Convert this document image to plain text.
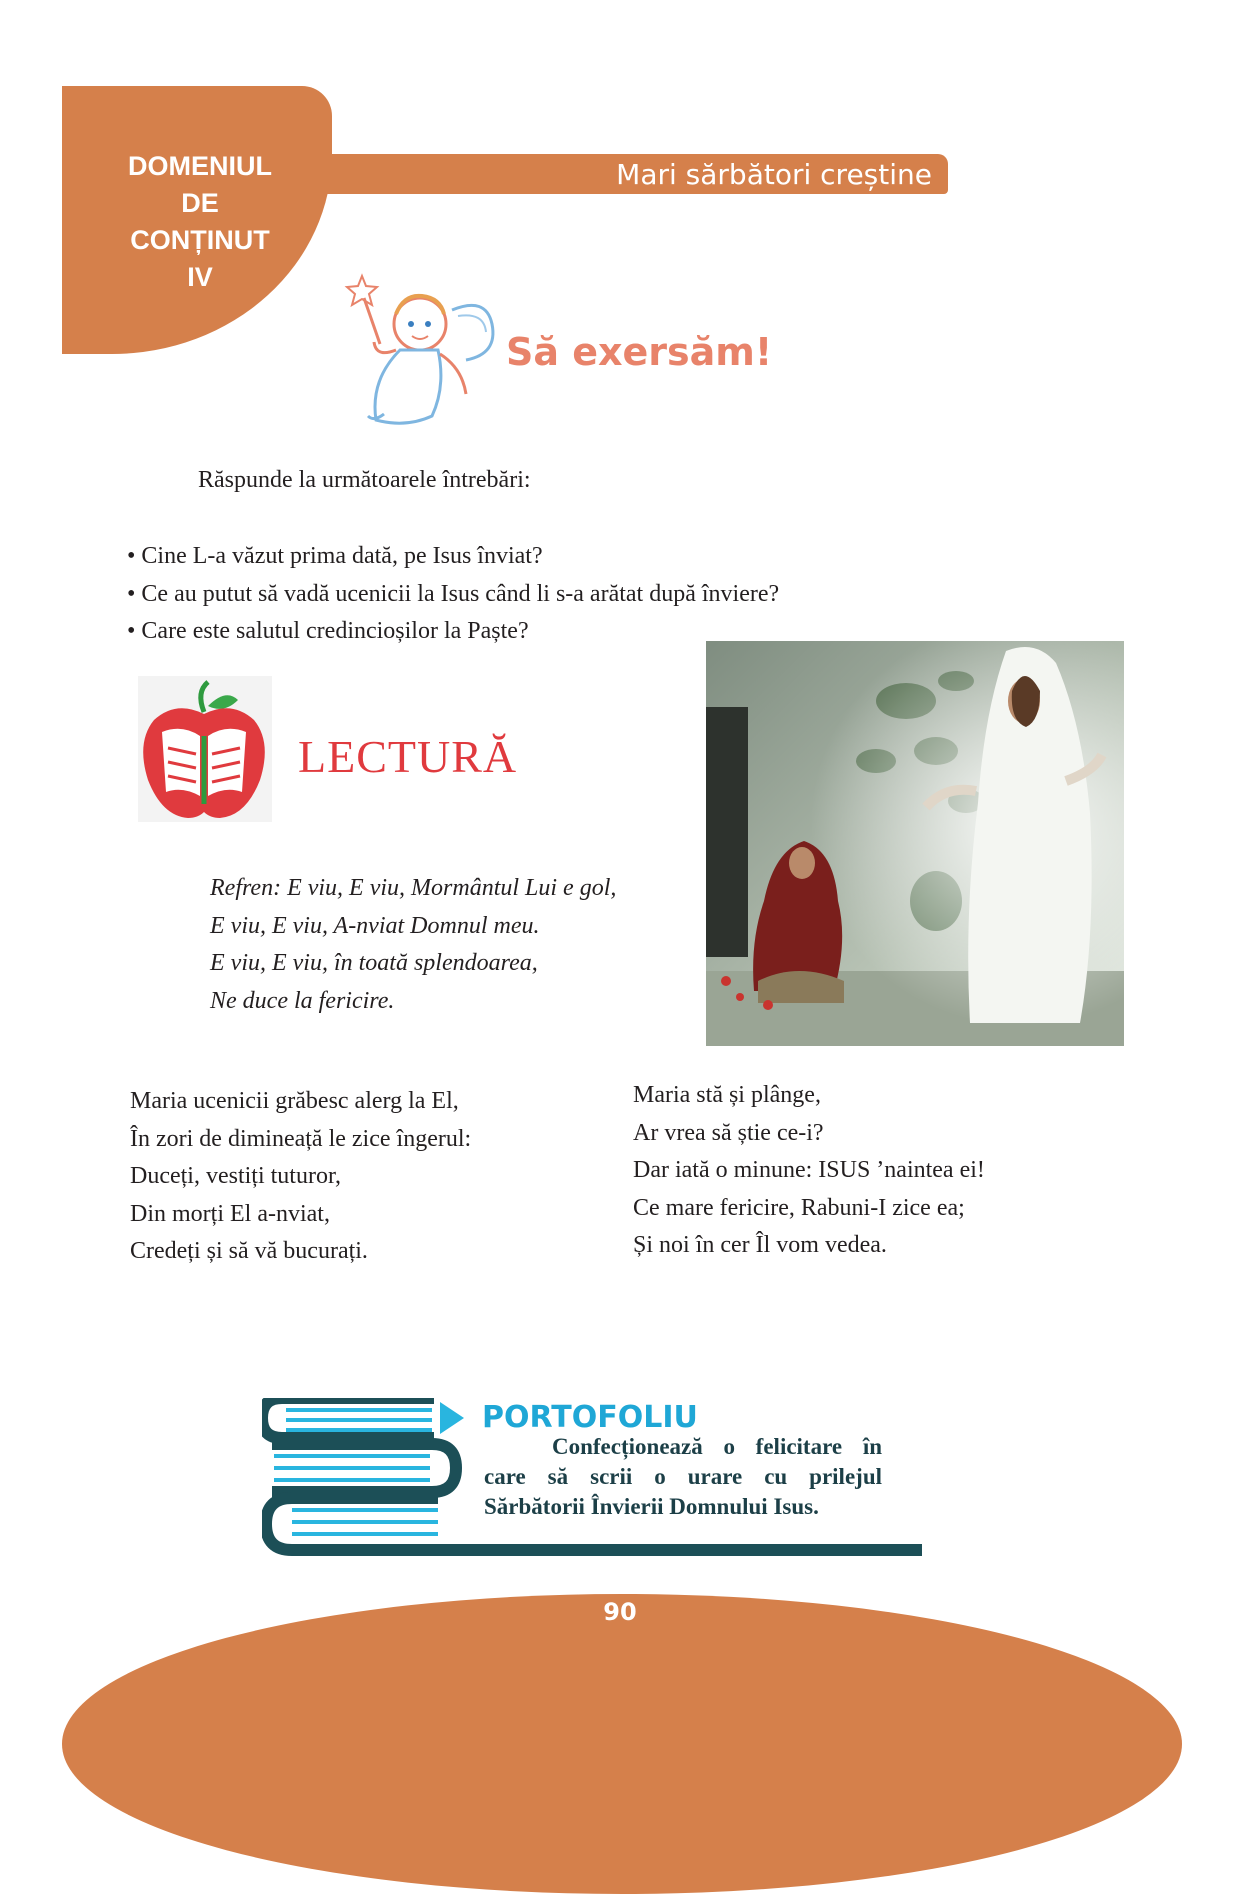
DOMENIUL
DE
CONȚINUT
IV
Mari sărbători creștine
Să exersăm!
Răspunde la următoarele întrebări:
• Cine L-a văzut prima dată, pe Isus înviat?
• Ce au putut să vadă ucenicii la Isus când li s-a arătat după înviere?
• Care este salutul credincioșilor la Paște?
LECTURĂ
Refren: E viu, E viu, Mormântul Lui e gol,
E viu, E viu, A-nviat Domnul meu.
E viu, E viu, în toată splendoarea,
Ne duce la fericire.
Maria ucenicii grăbesc alerg la El,
În zori de dimineață le zice îngerul:
Duceți, vestiți tuturor,
Din morți El a-nviat,
Credeți și să vă bucurați.
Maria stă și plânge,
Ar vrea să știe ce-i?
Dar iată o minune: ISUS ’naintea ei!
Ce mare fericire, Rabuni-I zice ea;
Și noi în cer Îl vom vedea.
PORTOFOLIU
Confecționează o felicitare în care să scrii o urare cu prilejul Sărbătorii Învierii Domnului Isus.
90
